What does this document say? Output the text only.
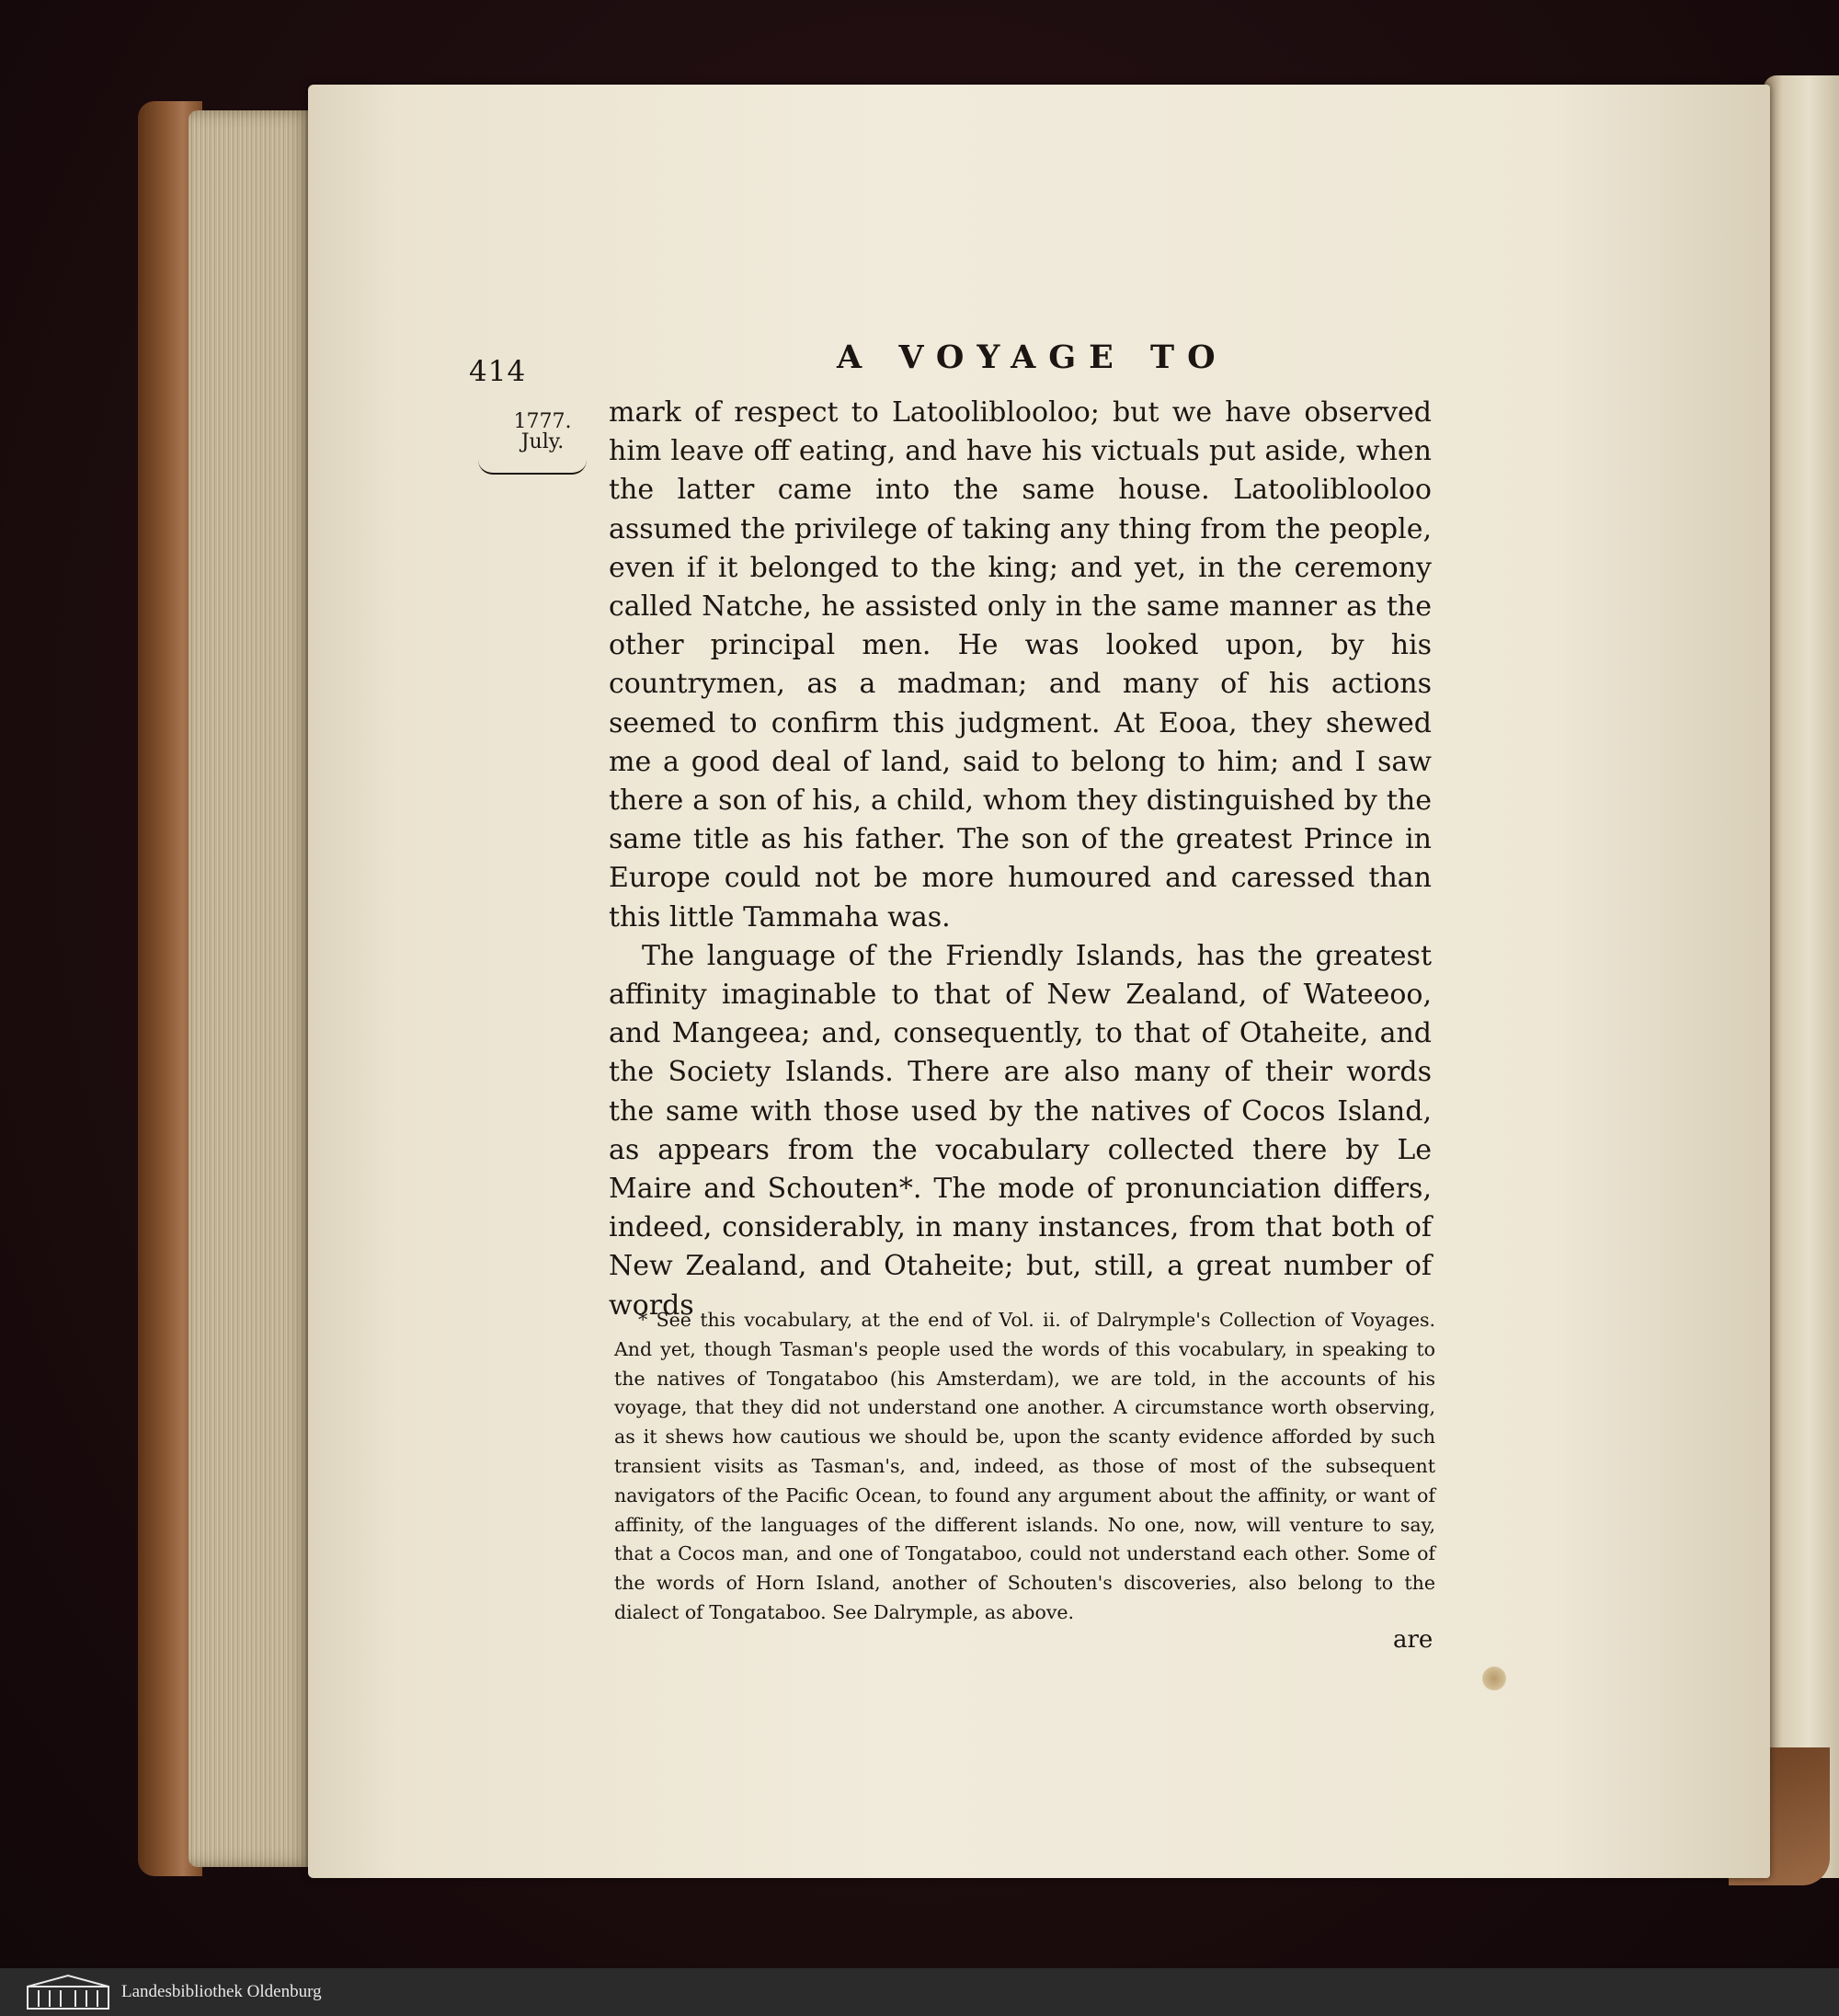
414	A VOYAGE TO
1777.
July.

mark of respect to Latooliblooloo; but we have observed him leave off eating, and have his victuals put aside, when the latter came into the same house. Latooliblooloo assumed the privilege of taking any thing from the people, even if it belonged to the king; and yet, in the ceremony called Natche, he assisted only in the same manner as the other principal men. He was looked upon, by his countrymen, as a madman; and many of his actions seemed to confirm this judgment. At Eooa, they shewed me a good deal of land, said to belong to him; and I saw there a son of his, a child, whom they distinguished by the same title as his father. The son of the greatest Prince in Europe could not be more humoured and caressed than this little Tammaha was.

The language of the Friendly Islands, has the greatest affinity imaginable to that of New Zealand, of Wateeoo, and Mangeea; and, consequently, to that of Otaheite, and the Society Islands. There are also many of their words the same with those used by the natives of Cocos Island, as appears from the vocabulary collected there by Le Maire and Schouten*. The mode of pronunciation differs, indeed, considerably, in many instances, from that both of New Zealand, and Otaheite; but, still, a great number of words

* See this vocabulary, at the end of Vol. ii. of Dalrymple's Collection of Voyages. And yet, though Tasman's people used the words of this vocabulary, in speaking to the natives of Tongataboo (his Amsterdam), we are told, in the accounts of his voyage, that they did not understand one another. A circumstance worth observing, as it shews how cautious we should be, upon the scanty evidence afforded by such transient visits as Tasman's, and, indeed, as those of most of the subsequent navigators of the Pacific Ocean, to found any argument about the affinity, or want of affinity, of the languages of the different islands. No one, now, will venture to say, that a Cocos man, and one of Tongataboo, could not understand each other. Some of the words of Horn Island, another of Schouten's discoveries, also belong to the dialect of Tongataboo. See Dalrymple, as above.

are
Landesbibliothek Oldenburg
